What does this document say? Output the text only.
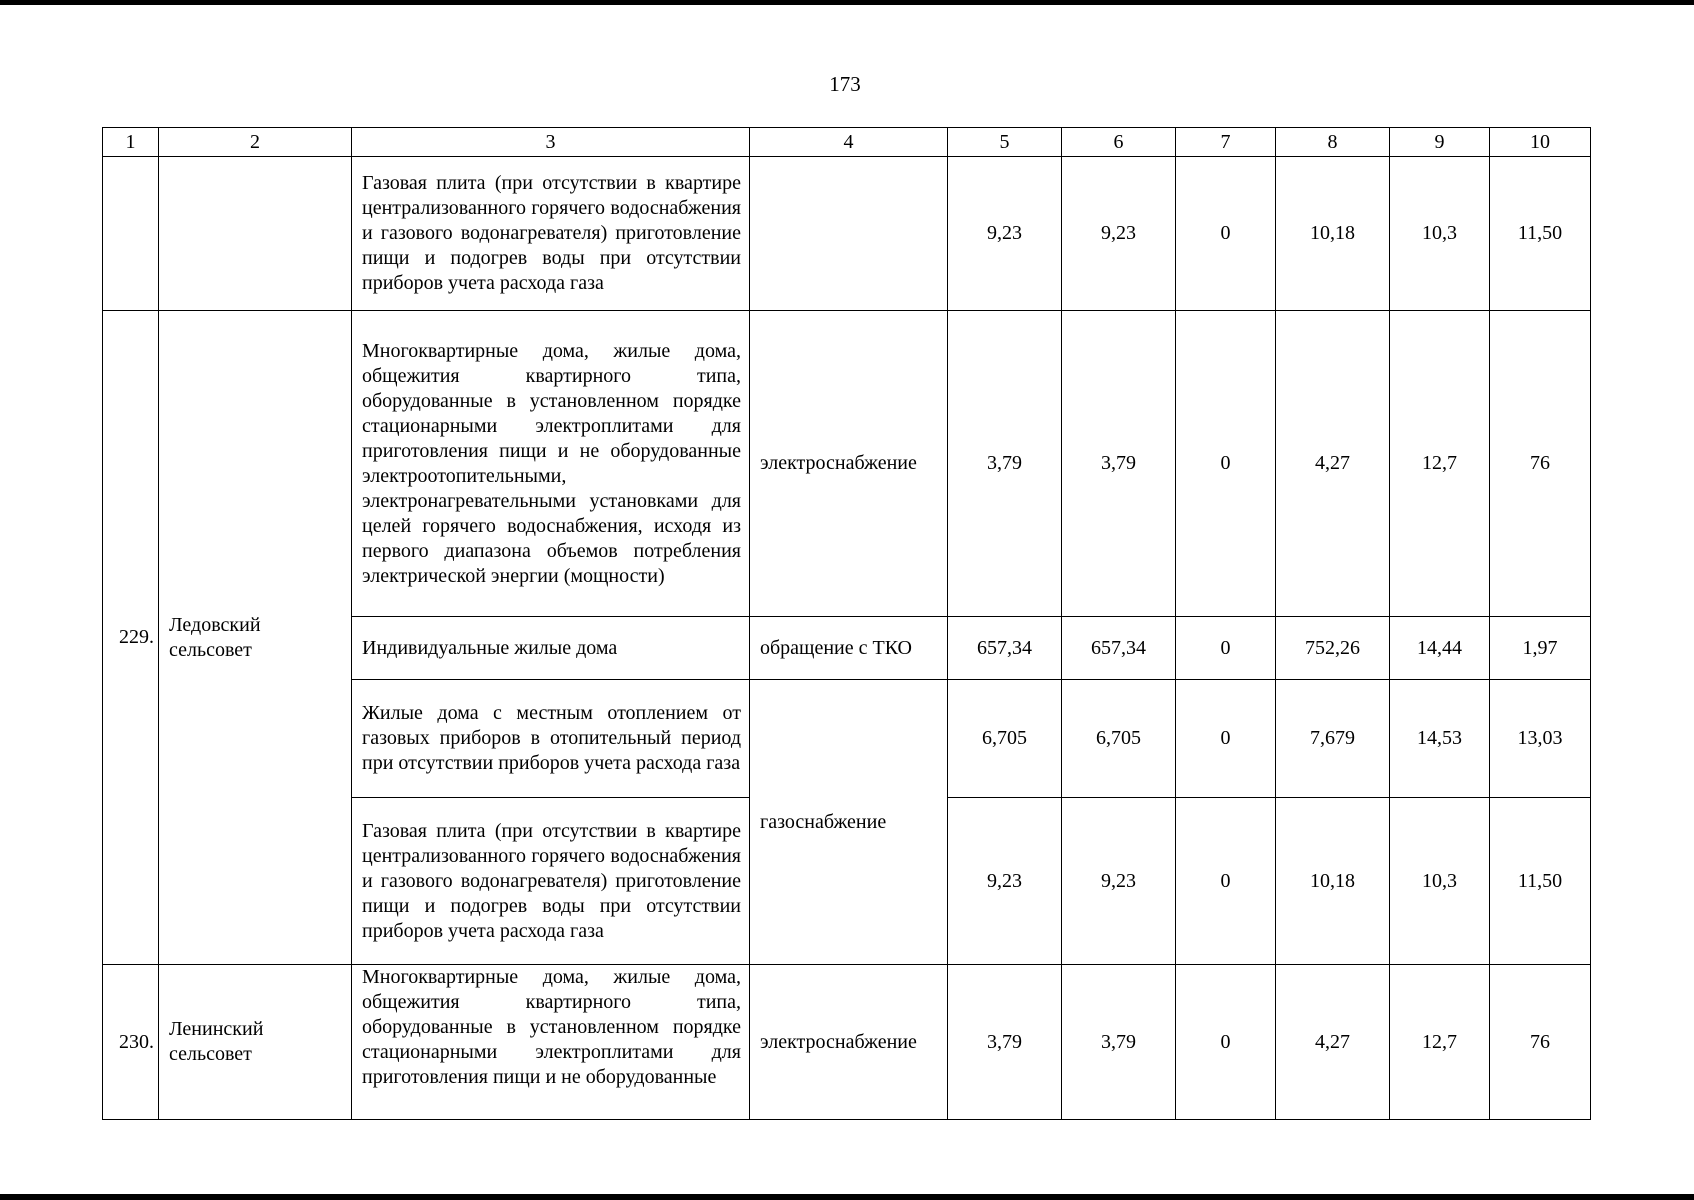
173
1	2	3	4	5	6	7	8	9	10
		Газовая плита (при отсутствии в квартире централизованного горячего водоснабжения и газового водонагревателя) приготовление пищи и подогрев воды при отсутствии приборов учета расхода газа		9,23	9,23	0	10,18	10,3	11,50
229.	Ледовский сельсовет	Многоквартирные дома, жилые дома, общежития квартирного типа, оборудованные в установленном порядке стационарными электроплитами для приготовления пищи и не оборудованные электроотопительными, электронагревательными установками для целей горячего водоснабжения, исходя из первого диапазона объемов потребления электрической энергии (мощности)	электроснабжение	3,79	3,79	0	4,27	12,7	76
		Индивидуальные жилые дома	обращение с ТКО	657,34	657,34	0	752,26	14,44	1,97
		Жилые дома с местным отоплением от газовых приборов в отопительный период при отсутствии приборов учета расхода газа	газоснабжение	6,705	6,705	0	7,679	14,53	13,03
		Газовая плита (при отсутствии в квартире централизованного горячего водоснабжения и газового водонагревателя) приготовление пищи и подогрев воды при отсутствии приборов учета расхода газа		9,23	9,23	0	10,18	10,3	11,50
230.	Ленинский сельсовет	Многоквартирные дома, жилые дома, общежития квартирного типа, оборудованные в установленном порядке стационарными электроплитами для приготовления пищи и не оборудованные	электроснабжение	3,79	3,79	0	4,27	12,7	76
